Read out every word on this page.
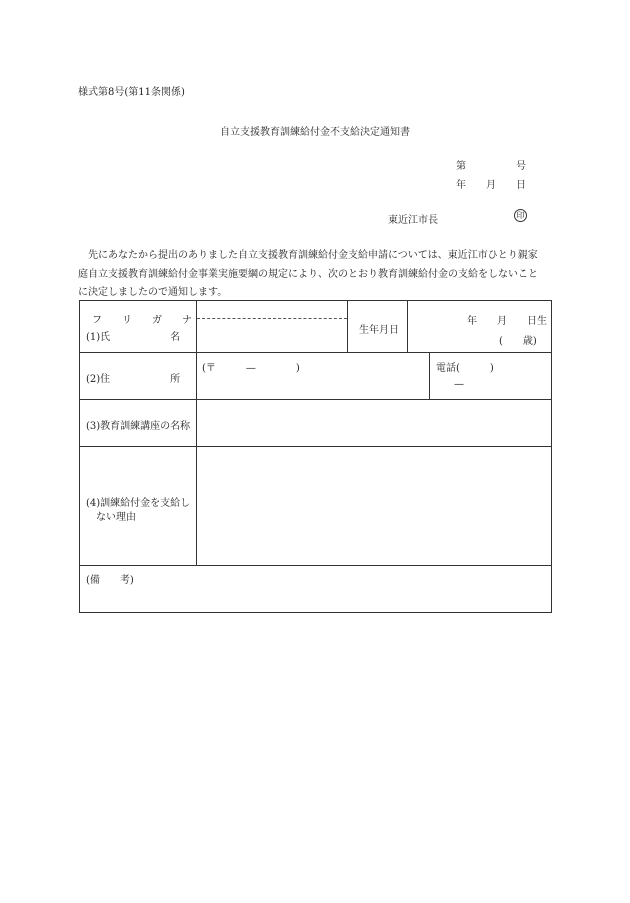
様式第8号(第11条関係)
自立支援教育訓練給付金不支給決定通知書
第　　　　　号
年　　月　　日
東近江市長	印
　先にあなたから提出のありました自立支援教育訓練給付金支給申請については、東近江市ひとり親家
庭自立支援教育訓練給付金事業実施要綱の規定により、次のとおり教育訓練給付金の支給をしないこと
に決定しましたので通知します。
フ　　リ　　ガ　　ナ
(1)氏　　　　　　名
生年月日
年　　月　　日生
(　　歳)
(2)住　　　　　　所
(〒　　　—　　　　)	電話(　　　)
—
(3)教育訓練講座の名称
(4)訓練給付金を支給し
ない理由
(備　　考)
